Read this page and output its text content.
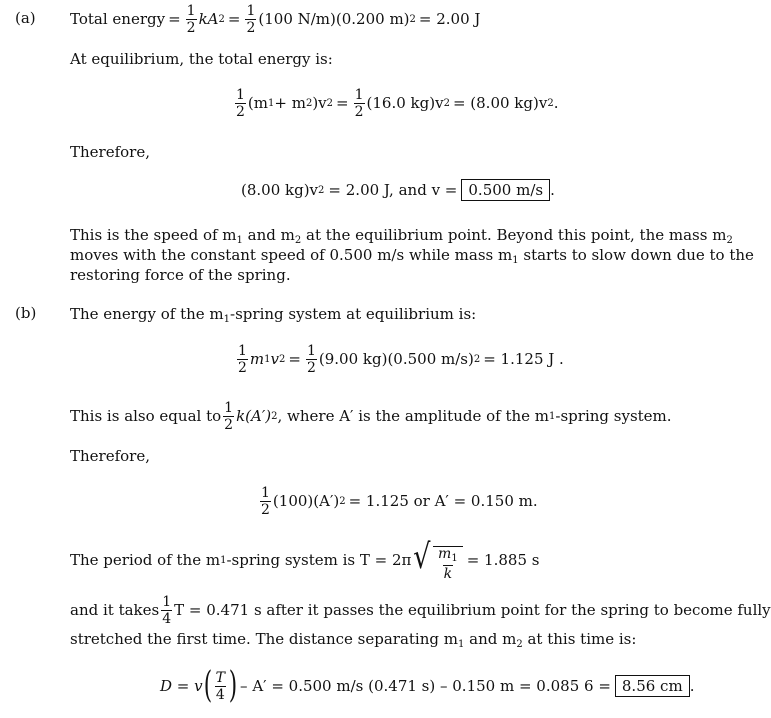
(a) Total energy = $\frac{1}{2}$ kA $2 = \frac{1}{2} (100$ N/m)(0.200 m) 2 = 2.00 J
At equilibrium, the total energy is:
$\frac{1}{2} (m$ 1 + m 2 )v $2 = \frac{1}{2} (16.0$ kg)v 2 = (8.00 kg)v 2 .
Therefore,
(8.00 kg)v 2 = 2.00 J, and v = 0.500 m/s .
This is the speed of $m_1$ and $m_2$ at the equilibrium point. Beyond this point, the mass $m_2$
moves with the constant speed of 0.500 m/s while mass $m_1$ starts to slow down due to the
restoring force of the spring.
(b) The energy of the $m_1$-spring system at equilibrium is:
$\frac{1}{2}$ m 1 v $2 = \frac{1}{2} (9.00$ kg)(0.500 m/s) 2 = 1.125 J .
This is also equal to $\frac{1}{2} k(A')$ 2 , where A′ is the amplitude of the m 1 -spring system.
Therefore,
$\frac{1}{2} (100)(A') 2 = 1.125$ or A′ = 0.150 m.
The period of the m 1 -spring system is T = 2π √ $\frac{m_1}{k} = 1.885$ s
and it takes $\frac{1}{4}$ T = 0.471 s after it passes the equilibrium point for the spring to become fully
stretched the first time. The distance separating $m_1$ and $m_2$ at this time is:
D = v ( $\frac{T}{4}$ ) – A′ = 0.500 m/s (0.471 s) – 0.150 m = 0.085 6 = 8.56 cm .
